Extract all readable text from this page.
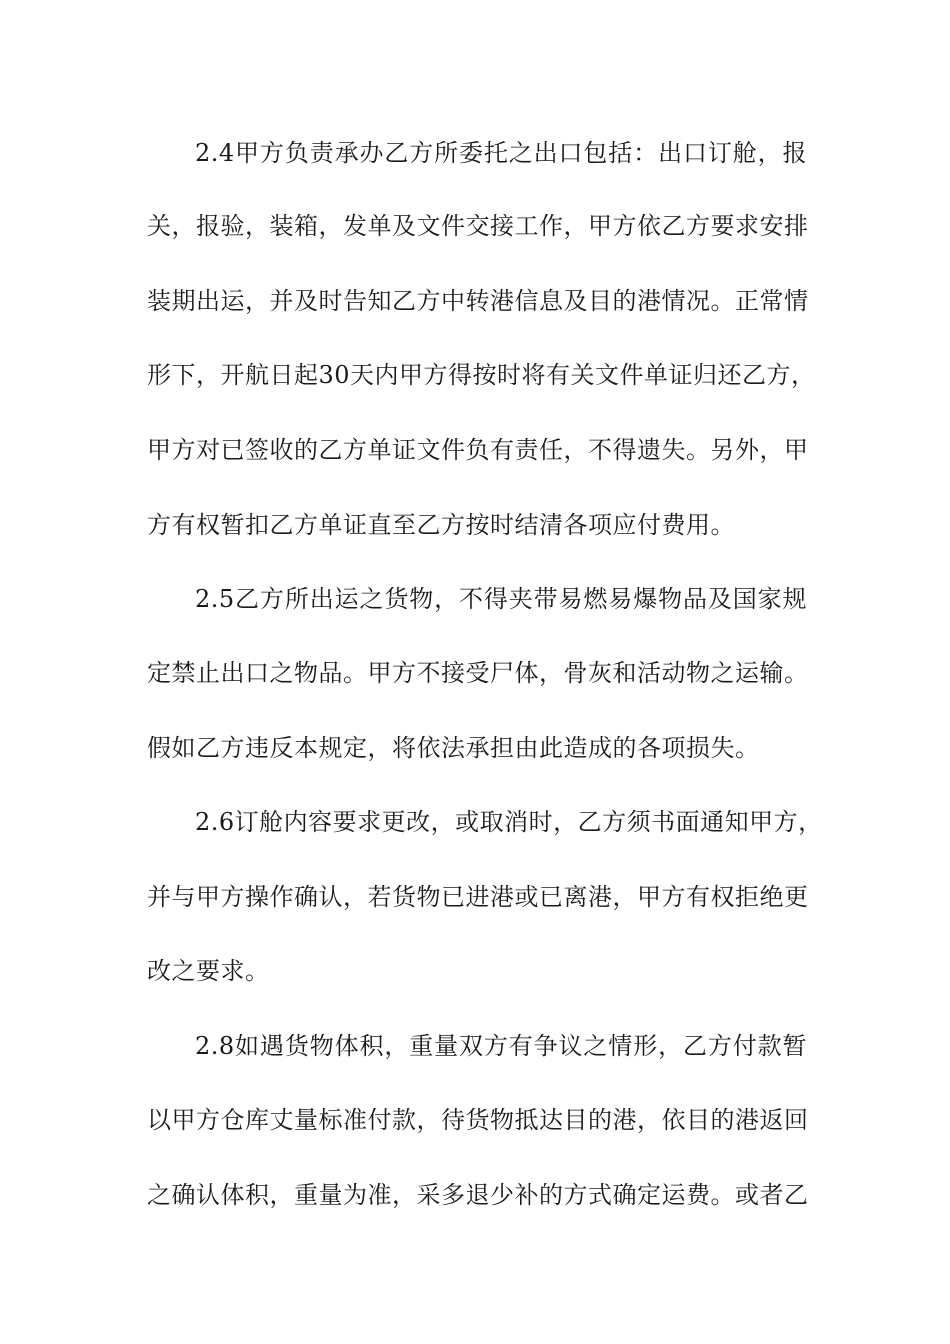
2.4甲方负责承办乙方所委托之出口包括：出口订舱，报
关，报验，装箱，发单及文件交接工作，甲方依乙方要求安排
装期出运，并及时告知乙方中转港信息及目的港情况。正常情
形下，开航日起30天内甲方得按时将有关文件单证归还乙方，
甲方对已签收的乙方单证文件负有责任，不得遗失。另外，甲
方有权暂扣乙方单证直至乙方按时结清各项应付费用。
2.5乙方所出运之货物，不得夹带易燃易爆物品及国家规
定禁止出口之物品。甲方不接受尸体，骨灰和活动物之运输。
假如乙方违反本规定，将依法承担由此造成的各项损失。
2.6订舱内容要求更改，或取消时，乙方须书面通知甲方，
并与甲方操作确认，若货物已进港或已离港，甲方有权拒绝更
改之要求。
2.8如遇货物体积，重量双方有争议之情形，乙方付款暂
以甲方仓库丈量标准付款，待货物抵达目的港，依目的港返回
之确认体积，重量为准，采多退少补的方式确定运费。或者乙
